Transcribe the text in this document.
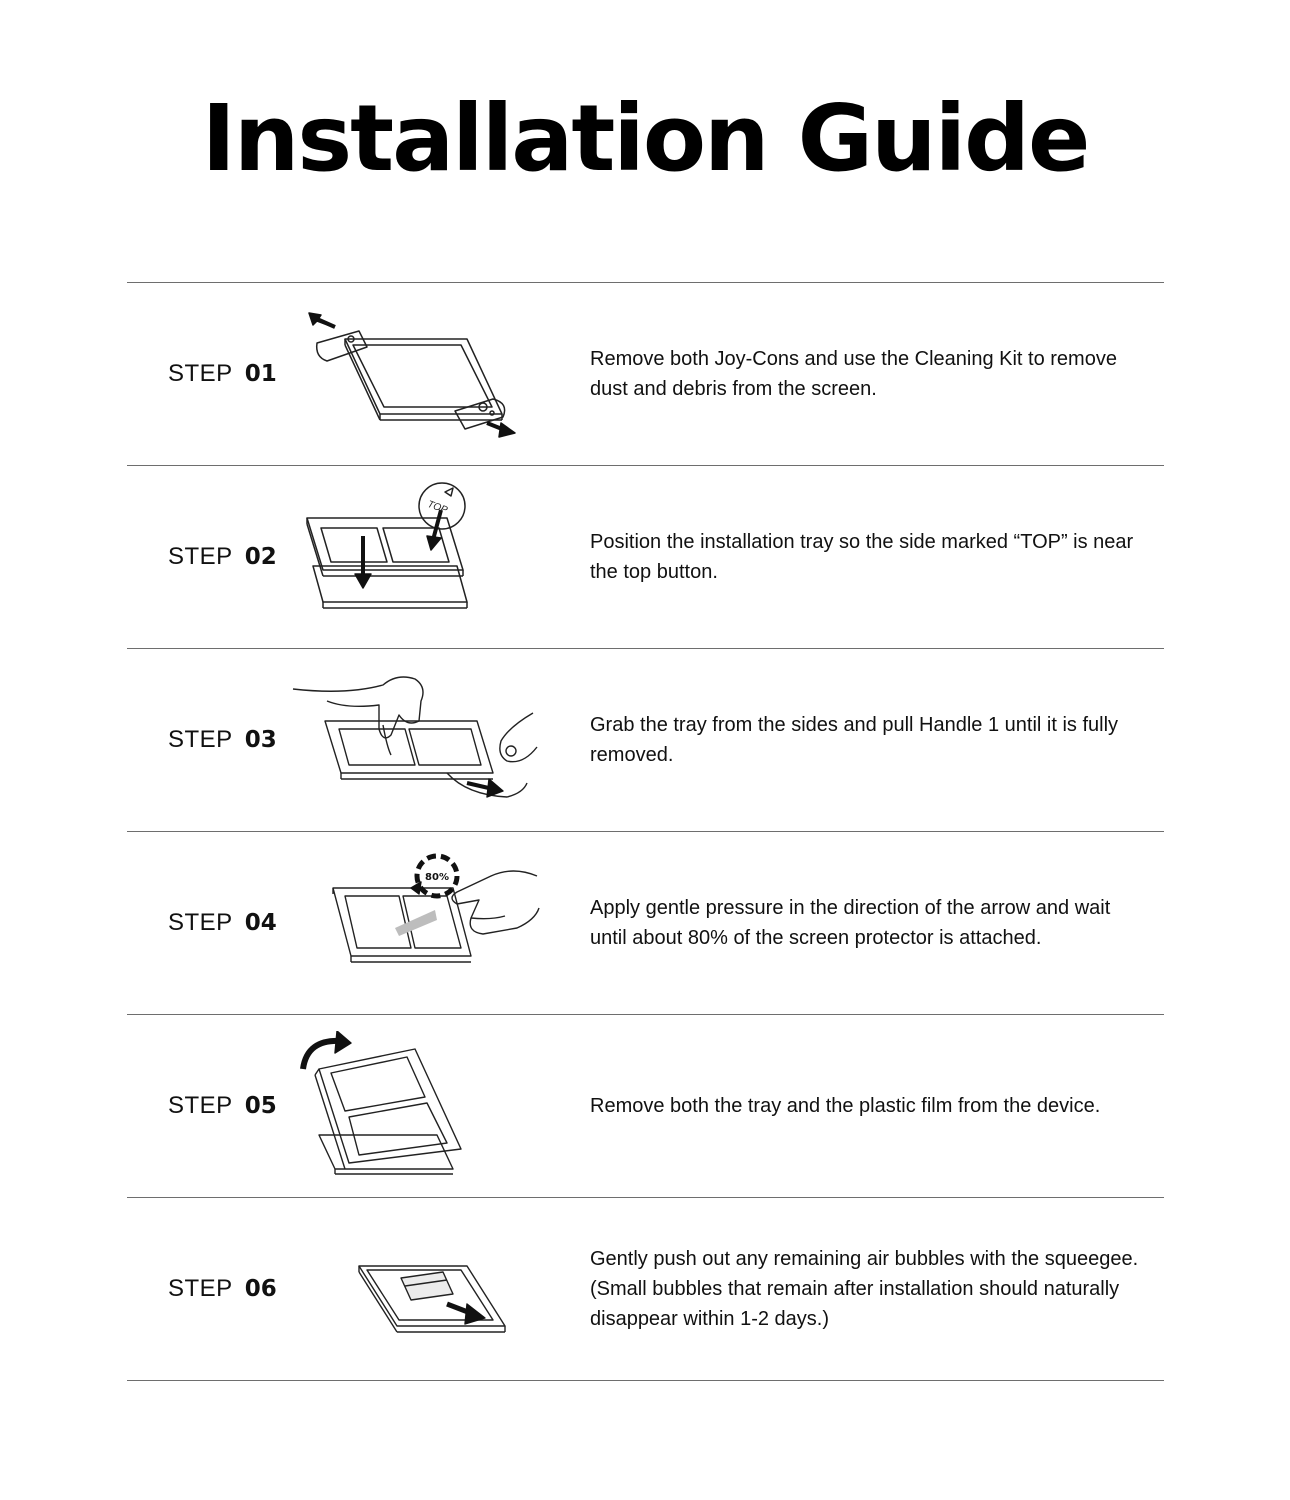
Installation Guide
STEP 01
Remove both Joy-Cons and use the Cleaning Kit to remove dust and debris from the screen.
STEP 02
TOP
Position the installation tray so the side marked “TOP” is near the top button.
STEP 03
Grab the tray from the sides and pull Handle 1 until it is fully removed.
STEP 04
80%
Apply gentle pressure in the direction of the arrow and wait until about 80% of the screen protector is attached.
STEP 05	Remove both the tray and the plastic film from the device.
STEP 06
Gently push out any remaining air bubbles with the squeegee. (Small bubbles that remain after installation should naturally disappear within 1-2 days.)
